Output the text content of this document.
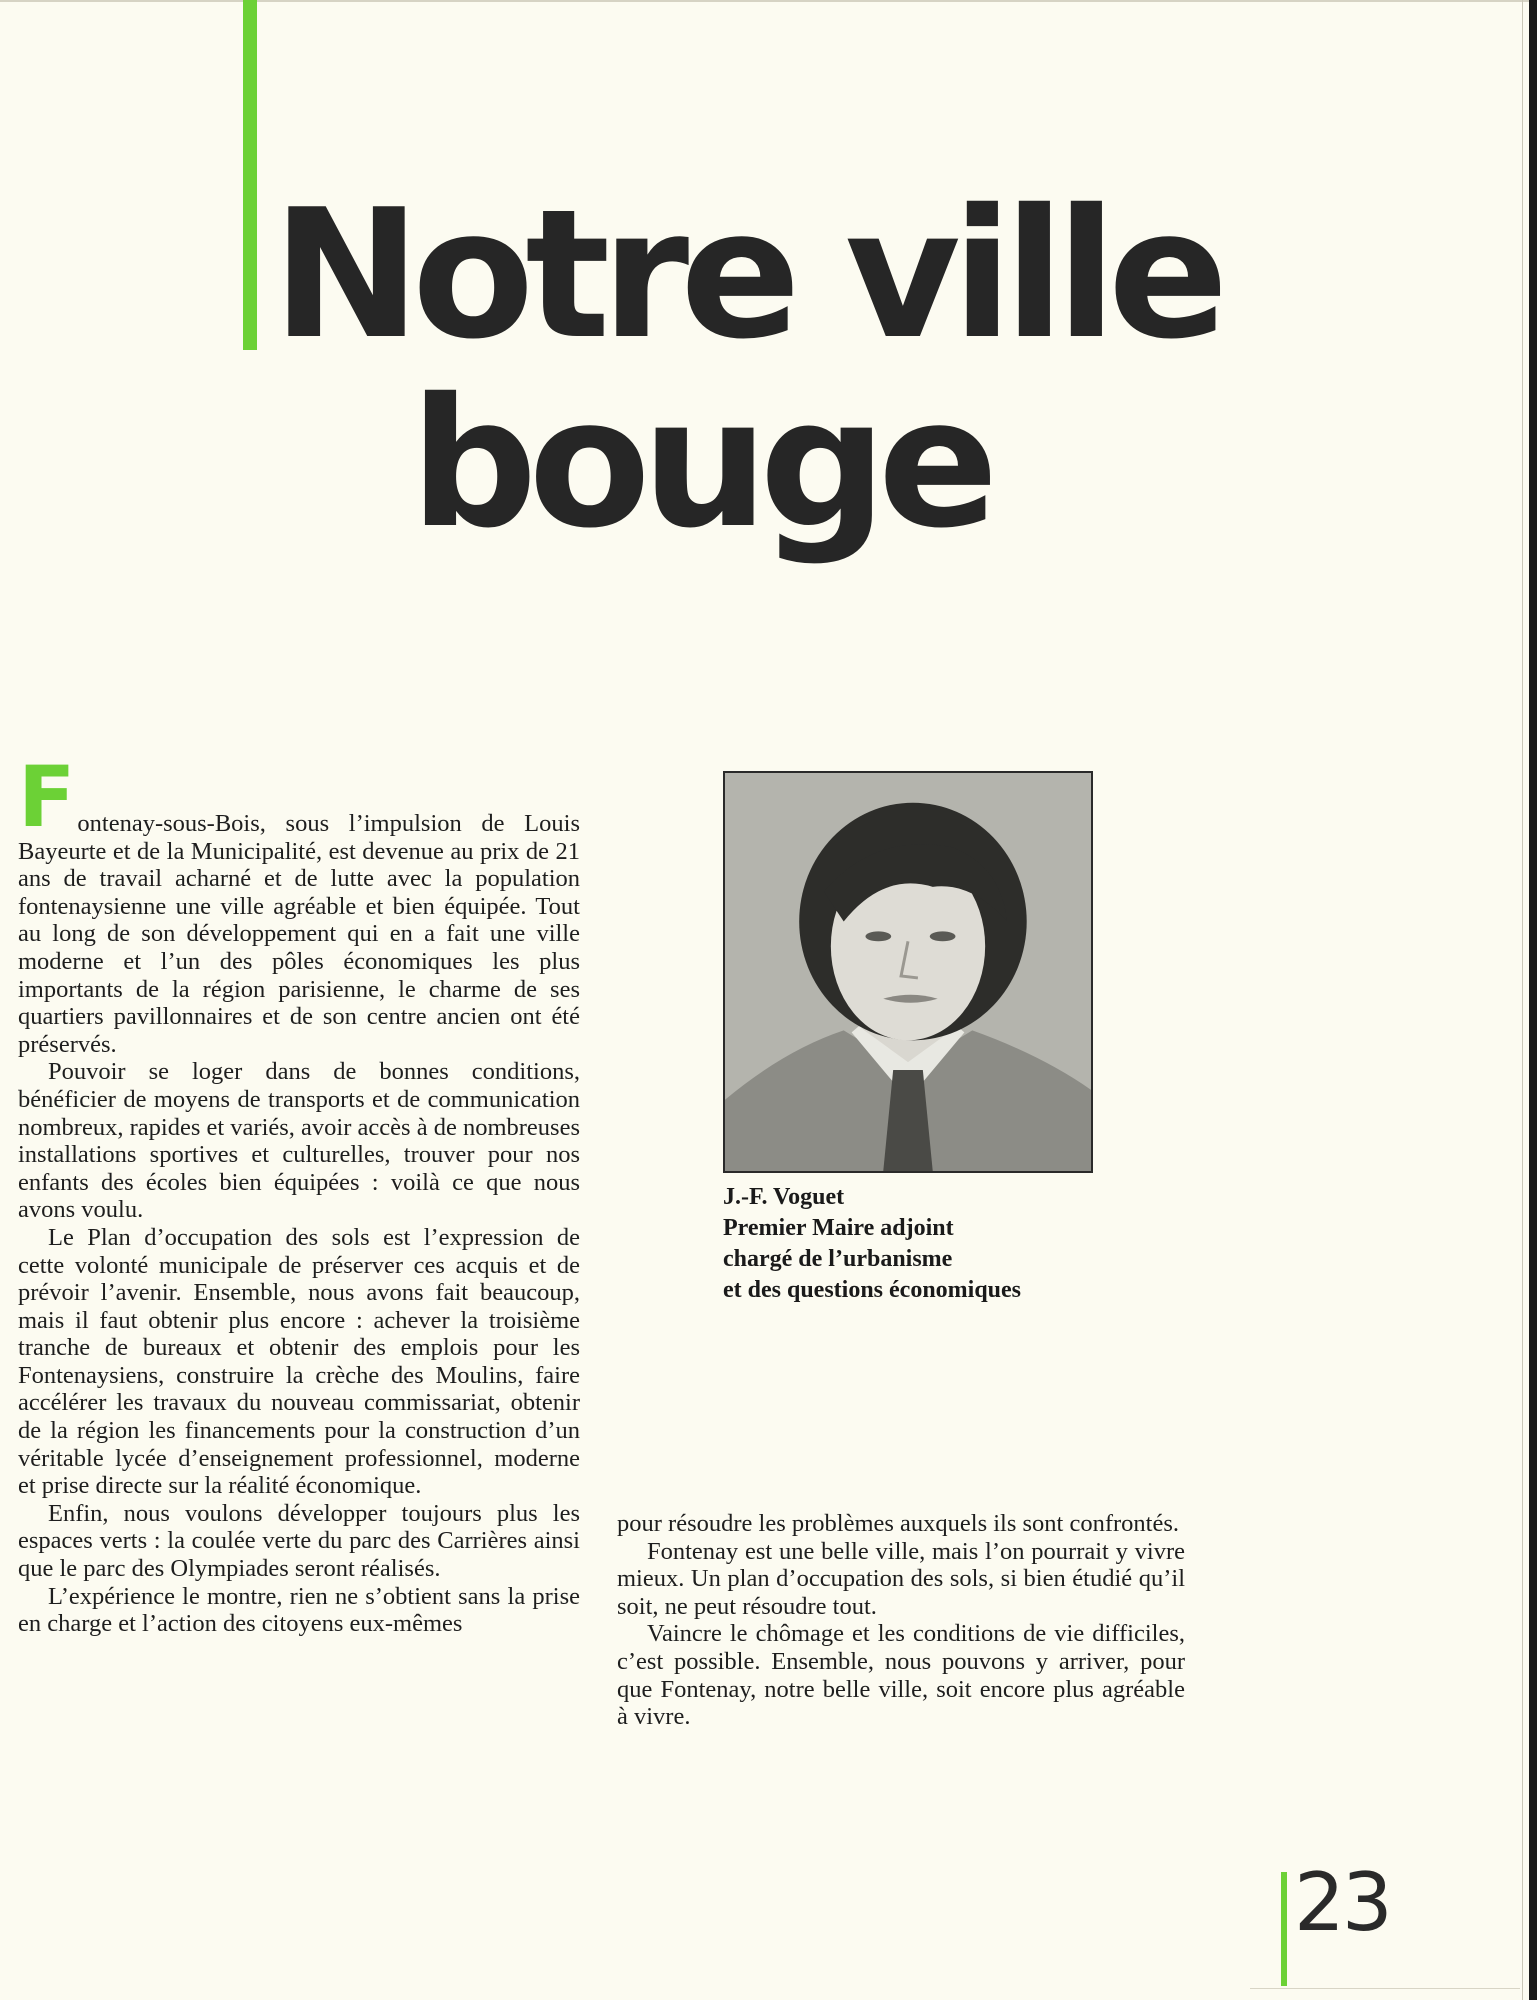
Notre ville
bouge

Fontenay-sous-Bois, sous l’impulsion de Louis Bayeurte et de la Municipalité, est devenue au prix de 21 ans de travail acharné et de lutte avec la population fontenaysienne une ville agréable et bien équipée. Tout au long de son développement qui en a fait une ville moderne et l’un des pôles économiques les plus importants de la région parisienne, le charme de ses quartiers pavillonnaires et de son centre ancien ont été préservés.

Pouvoir se loger dans de bonnes conditions, bénéficier de moyens de transports et de communication nombreux, rapides et variés, avoir accès à de nombreuses installations sportives et culturelles, trouver pour nos enfants des écoles bien équipées : voilà ce que nous avons voulu.

Le Plan d’occupation des sols est l’expression de cette volonté municipale de préserver ces acquis et de prévoir l’avenir. Ensemble, nous avons fait beaucoup, mais il faut obtenir plus encore : achever la troisième tranche de bureaux et obtenir des emplois pour les Fontenaysiens, construire la crèche des Moulins, faire accélérer les travaux du nouveau commissariat, obtenir de la région les financements pour la construction d’un véritable lycée d’enseignement professionnel, moderne et prise directe sur la réalité économique.

Enfin, nous voulons développer toujours plus les espaces verts : la coulée verte du parc des Carrières ainsi que le parc des Olympiades seront réalisés.

L’expérience le montre, rien ne s’obtient sans la prise en charge et l’action des citoyens eux-mêmes

J.-F. Voguet
Premier Maire adjoint
chargé de l’urbanisme
et des questions économiques

pour résoudre les problèmes auxquels ils sont confrontés.

Fontenay est une belle ville, mais l’on pourrait y vivre mieux. Un plan d’occupation des sols, si bien étudié qu’il soit, ne peut résoudre tout.

Vaincre le chômage et les conditions de vie difficiles, c’est possible. Ensemble, nous pouvons y arriver, pour que Fontenay, notre belle ville, soit encore plus agréable à vivre.

23
